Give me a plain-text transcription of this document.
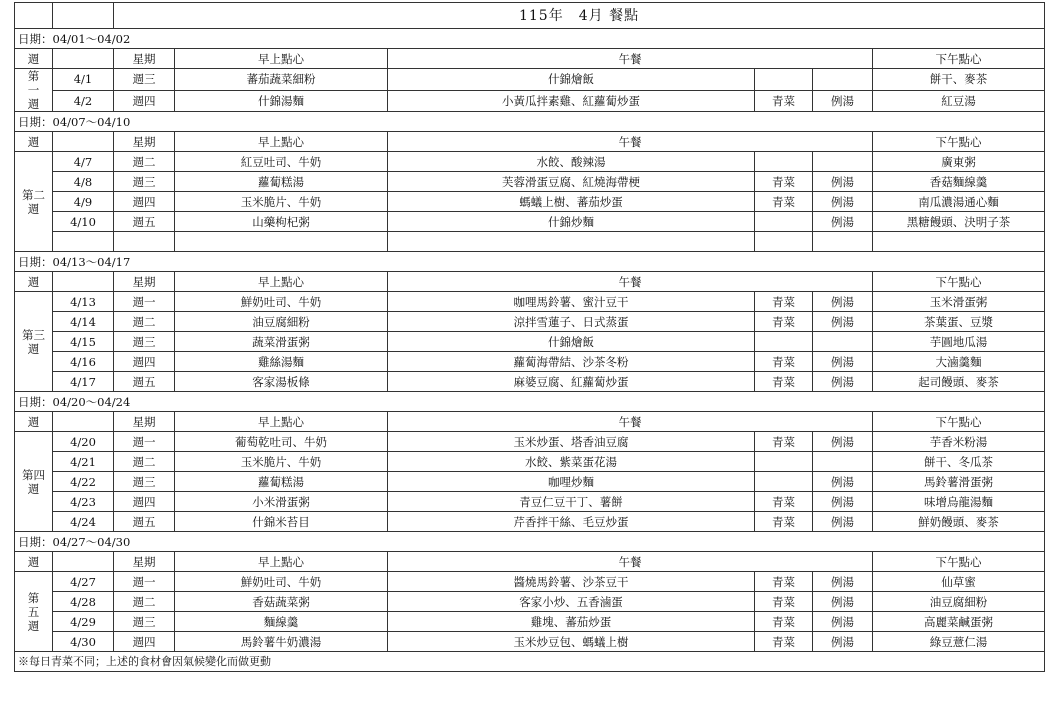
		115年　4月 餐點					
日期：04/01～04/02							
週		星期	早上點心	午餐			下午點心
第
一
週	4/1	週三	蕃茄蔬菜細粉	什錦燴飯			餅干、麥茶
	4/2	週四	什錦湯麵	小黃瓜拌素雞、紅蘿蔔炒蛋	青菜	例湯	紅豆湯
日期：04/07～04/10							
週		星期	早上點心	午餐			下午點心
第二
週	4/7	週二	紅豆吐司、牛奶	水餃、酸辣湯			廣東粥
	4/8	週三	蘿蔔糕湯	芙蓉滑蛋豆腐、紅燒海帶梗	青菜	例湯	香菇麵線羹
	4/9	週四	玉米脆片、牛奶	螞蟻上樹、蕃茄炒蛋	青菜	例湯	南瓜濃湯通心麵
	4/10	週五	山藥枸杞粥	什錦炒麵		例湯	黑糖饅頭、決明子茶

日期：04/13～04/17							
週		星期	早上點心	午餐			下午點心
第三
週	4/13	週一	鮮奶吐司、牛奶	咖哩馬鈴薯、蜜汁豆干	青菜	例湯	玉米滑蛋粥
	4/14	週二	油豆腐細粉	涼拌雪蓮子、日式蒸蛋	青菜	例湯	茶葉蛋、豆漿
	4/15	週三	蔬菜滑蛋粥	什錦燴飯			芋圓地瓜湯
	4/16	週四	雞絲湯麵	蘿蔔海帶結、沙茶冬粉	青菜	例湯	大滷羹麵
	4/17	週五	客家湯板條	麻婆豆腐、紅蘿蔔炒蛋	青菜	例湯	起司饅頭、麥茶
日期：04/20～04/24							
週		星期	早上點心	午餐			下午點心
第四
週	4/20	週一	葡萄乾吐司、牛奶	玉米炒蛋、塔香油豆腐	青菜	例湯	芋香米粉湯
	4/21	週二	玉米脆片、牛奶	水餃、紫菜蛋花湯			餅干、冬瓜茶
	4/22	週三	蘿蔔糕湯	咖哩炒麵		例湯	馬鈴薯滑蛋粥
	4/23	週四	小米滑蛋粥	青豆仁豆干丁、薯餅	青菜	例湯	味增烏龍湯麵
	4/24	週五	什錦米苔目	芹香拌干絲、毛豆炒蛋	青菜	例湯	鮮奶饅頭、麥茶
日期：04/27～04/30							
週		星期	早上點心	午餐			下午點心
第
五
週	4/27	週一	鮮奶吐司、牛奶	醬燒馬鈴薯、沙茶豆干	青菜	例湯	仙草蜜
	4/28	週二	香菇蔬菜粥	客家小炒、五香滷蛋	青菜	例湯	油豆腐細粉
	4/29	週三	麵線羹	雞塊、蕃茄炒蛋	青菜	例湯	高麗菜鹹蛋粥
	4/30	週四	馬鈴薯牛奶濃湯	玉米炒豆包、螞蟻上樹	青菜	例湯	綠豆薏仁湯
※每日青菜不同；上述的食材會因氣候變化而做更動							
